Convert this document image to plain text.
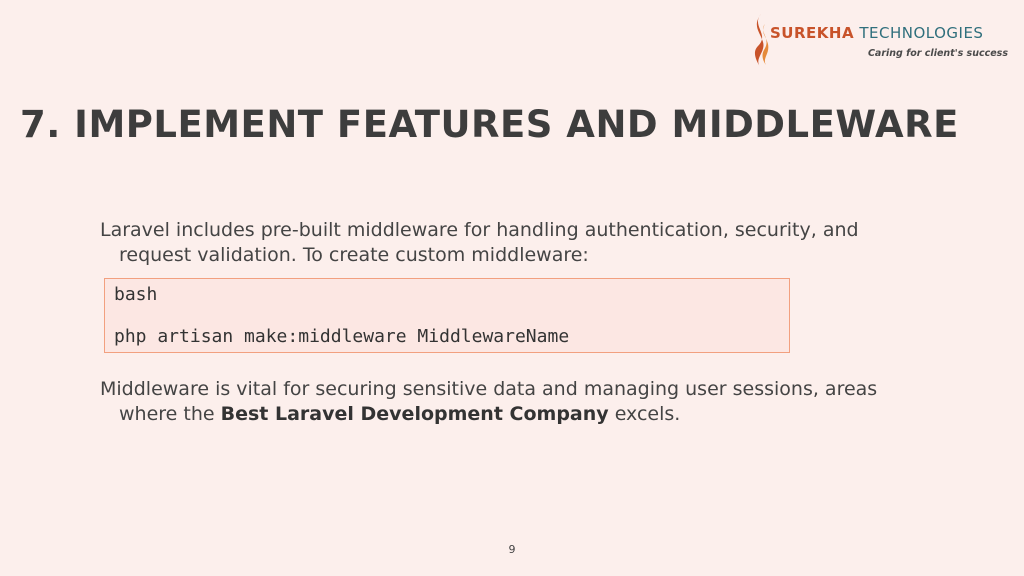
SUREKHA TECHNOLOGIES
Caring for client's success
7. IMPLEMENT FEATURES AND MIDDLEWARE

Laravel includes pre-built middleware for handling authentication, security, and request validation. To create custom middleware:

bash
php artisan make:middleware MiddlewareName

Middleware is vital for securing sensitive data and managing user sessions, areas where the Best Laravel Development Company excels.

9
